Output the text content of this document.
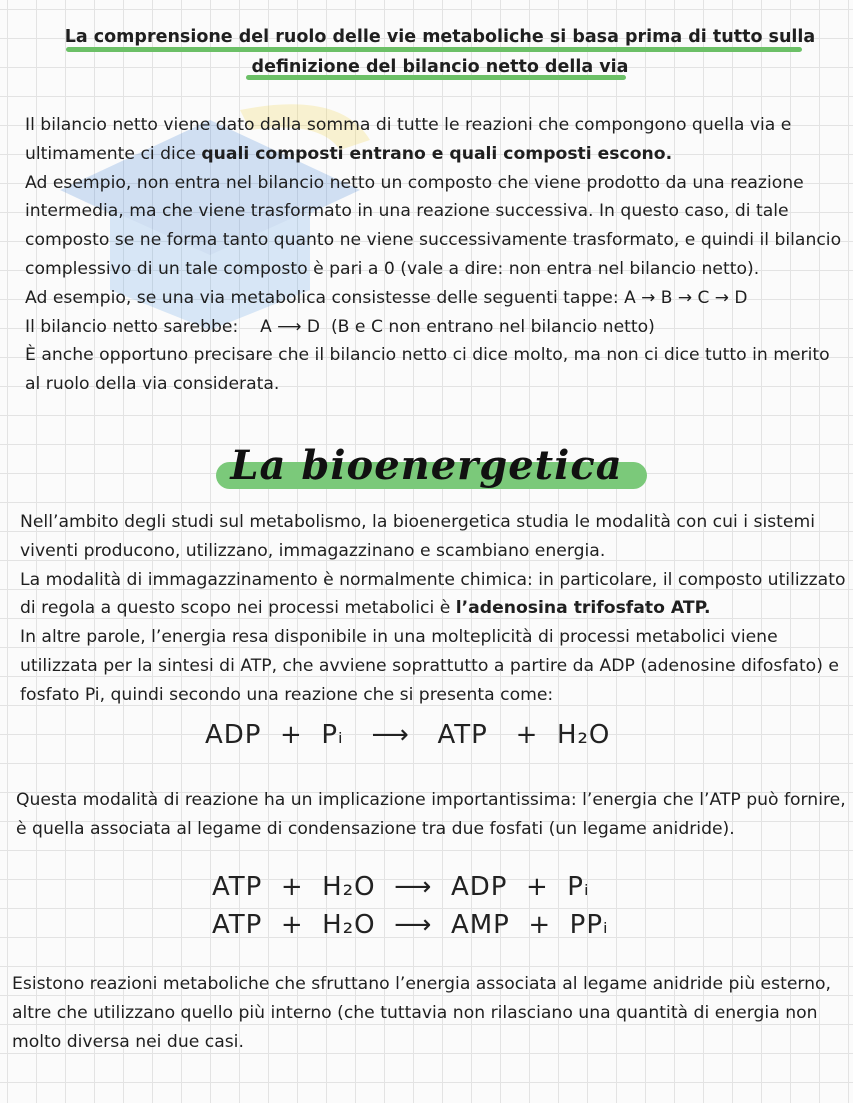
La comprensione del ruolo delle vie metaboliche si basa prima di tutto sulla
definizione del bilancio netto della via

Il bilancio netto viene dato dalla somma di tutte le reazioni che compongono quella via e ultimamente ci dice quali composti entrano e quali composti escono.

Ad esempio, non entra nel bilancio netto un composto che viene prodotto da una reazione intermedia, ma che viene trasformato in una reazione successiva. In questo caso, di tale composto se ne forma tanto quanto ne viene successivamente trasformato, e quindi il bilancio complessivo di un tale composto è pari a 0 (vale a dire: non entra nel bilancio netto).

Ad esempio, se una via metabolica consistesse delle seguenti tappe: A → B → C → D

Il bilancio netto sarebbe: A ⟶ D (B e C non entrano nel bilancio netto)

È anche opportuno precisare che il bilancio netto ci dice molto, ma non ci dice tutto in merito al ruolo della via considerata.

La bioenergetica

Nell’ambito degli studi sul metabolismo, la bioenergetica studia le modalità con cui i sistemi viventi producono, utilizzano, immagazzinano e scambiano energia.

La modalità di immagazzinamento è normalmente chimica: in particolare, il composto utilizzato di regola a questo scopo nei processi metabolici è l’adenosina trifosfato ATP.

In altre parole, l’energia resa disponibile in una molteplicità di processi metabolici viene utilizzata per la sintesi di ATP, che avviene soprattutto a partire da ADP (adenosine difosfato) e fosfato Pi, quindi secondo una reazione che si presenta come:

ADP  +  Pᵢ   ⟶   ATP   +  H₂O

Questa modalità di reazione ha un implicazione importantissima: l’energia che l’ATP può fornire, è quella associata al legame di condensazione tra due fosfati (un legame anidride).

ATP  +  H₂O  ⟶  ADP  +  Pᵢ
ATP  +  H₂O  ⟶  AMP  +  PPᵢ

Esistono reazioni metaboliche che sfruttano l’energia associata al legame anidride più esterno, altre che utilizzano quello più interno (che tuttavia non rilasciano una quantità di energia non molto diversa nei due casi.
